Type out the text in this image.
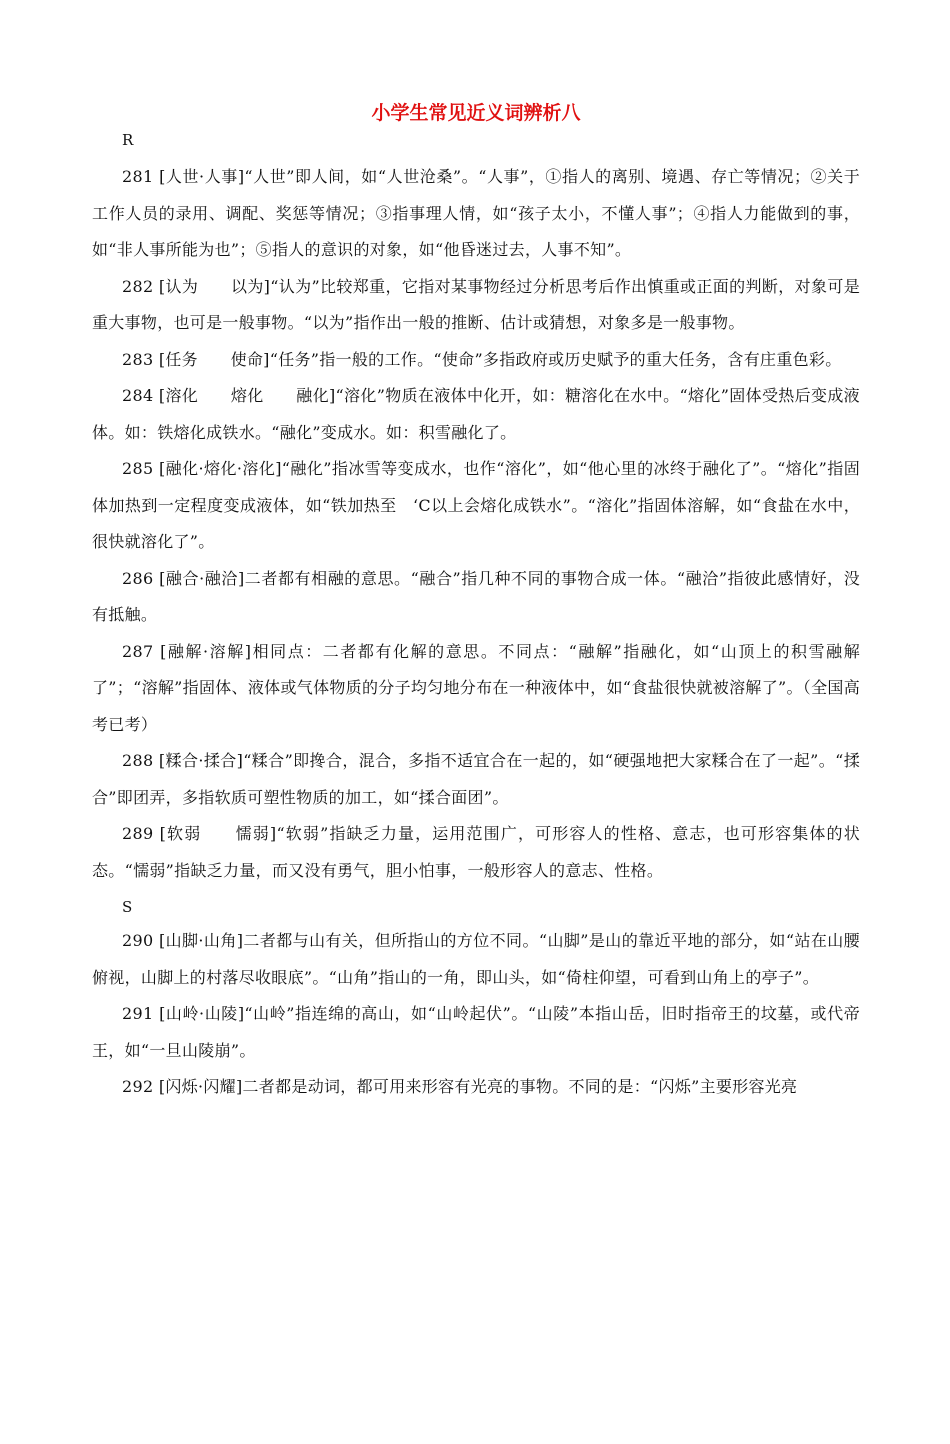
小学生常见近义词辨析八
R

281 [人世·人事]“人世”即人间，如“人世沧桑”。“人事”，①指人的离别、境遇、存亡等情况；②关于工作人员的录用、调配、奖惩等情况；③指事理人情，如“孩子太小，不懂人事”；④指人力能做到的事，如“非人事所能为也”；⑤指人的意识的对象，如“他昏迷过去，人事不知”。

282 [认为　　以为]“认为”比较郑重，它指对某事物经过分析思考后作出慎重或正面的判断，对象可是重大事物，也可是一般事物。“以为”指作出一般的推断、估计或猜想，对象多是一般事物。

283 [任务　　使命]“任务”指一般的工作。“使命”多指政府或历史赋予的重大任务，含有庄重色彩。

284 [溶化　　熔化　　融化]“溶化”物质在液体中化开，如：糖溶化在水中。“熔化”固体受热后变成液体。如：铁熔化成铁水。“融化”变成水。如：积雪融化了。

285 [融化·熔化·溶化]“融化”指冰雪等变成水，也作“溶化”，如“他心里的冰终于融化了”。“熔化”指固体加热到一定程度变成液体，如“铁加热至　‘C以上会熔化成铁水”。“溶化”指固体溶解，如“食盐在水中，很快就溶化了”。

286 [融合·融洽]二者都有相融的意思。“融合”指几种不同的事物合成一体。“融洽”指彼此感情好，没有抵触。

287 [融解·溶解]相同点：二者都有化解的意思。不同点：“融解”指融化，如“山顶上的积雪融解了”；“溶解”指固体、液体或气体物质的分子均匀地分布在一种液体中，如“食盐很快就被溶解了”。（全国高考已考）

288 [糅合·揉合]“糅合”即搀合，混合，多指不适宜合在一起的，如“硬强地把大家糅合在了一起”。“揉合”即团弄，多指软质可塑性物质的加工，如“揉合面团”。

289 [软弱　　懦弱]“软弱”指缺乏力量，运用范围广，可形容人的性格、意志，也可形容集体的状态。“懦弱”指缺乏力量，而又没有勇气，胆小怕事，一般形容人的意志、性格。

S

290 [山脚·山角]二者都与山有关，但所指山的方位不同。“山脚”是山的靠近平地的部分，如“站在山腰俯视，山脚上的村落尽收眼底”。“山角”指山的一角，即山头，如“倚柱仰望，可看到山角上的亭子”。

291 [山岭·山陵]“山岭”指连绵的高山，如“山岭起伏”。“山陵”本指山岳，旧时指帝王的坟墓，或代帝王，如“一旦山陵崩”。

292 [闪烁·闪耀]二者都是动词，都可用来形容有光亮的事物。不同的是：“闪烁”主要形容光亮
